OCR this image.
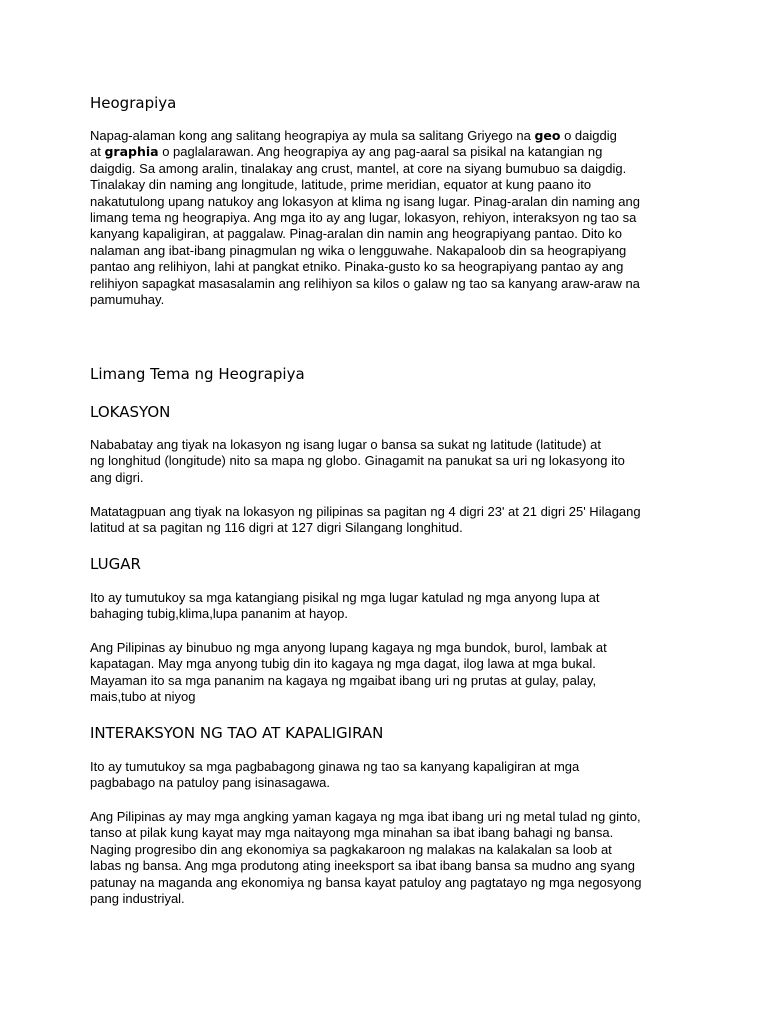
Heograpiya
Napag-alaman kong ang salitang heograpiya ay mula sa salitang Griyego na geo o daigdig
at graphia o paglalarawan. Ang heograpiya ay ang pag-aaral sa pisikal na katangian ng
daigdig. Sa among aralin, tinalakay ang crust, mantel, at core na siyang bumubuo sa daigdig.
Tinalakay din naming ang longitude, latitude, prime meridian, equator at kung paano ito
nakatutulong upang natukoy ang lokasyon at klima ng isang lugar. Pinag-aralan din naming ang
limang tema ng heograpiya. Ang mga ito ay ang lugar, lokasyon, rehiyon, interaksyon ng tao sa
kanyang kapaligiran, at paggalaw. Pinag-aralan din namin ang heograpiyang pantao. Dito ko
nalaman ang ibat-ibang pinagmulan ng wika o lengguwahe. Nakapaloob din sa heograpiyang
pantao ang relihiyon, lahi at pangkat etniko. Pinaka-gusto ko sa heograpiyang pantao ay ang
relihiyon sapagkat masasalamin ang relihiyon sa kilos o galaw ng tao sa kanyang araw-araw na
pamumuhay.
Limang Tema ng Heograpiya
LOKASYON
Nababatay ang tiyak na lokasyon ng isang lugar o bansa sa sukat ng latitude (latitude) at
ng longhitud (longitude) nito sa mapa ng globo. Ginagamit na panukat sa uri ng lokasyong ito
ang digri.
Matatagpuan ang tiyak na lokasyon ng pilipinas sa pagitan ng 4 digri 23' at 21 digri 25' Hilagang
latitud at sa pagitan ng 116 digri at 127 digri Silangang longhitud.
LUGAR
Ito ay tumutukoy sa mga katangiang pisikal ng mga lugar katulad ng mga anyong lupa at
bahaging tubig,klima,lupa pananim at hayop.
Ang Pilipinas ay binubuo ng mga anyong lupang kagaya ng mga bundok, burol, lambak at
kapatagan. May mga anyong tubig din ito kagaya ng mga dagat, ilog lawa at mga bukal.
Mayaman ito sa mga pananim na kagaya ng mgaibat ibang uri ng prutas at gulay, palay,
mais,tubo at niyog
INTERAKSYON NG TAO AT KAPALIGIRAN
Ito ay tumutukoy sa mga pagbabagong ginawa ng tao sa kanyang kapaligiran at mga
pagbabago na patuloy pang isinasagawa.
Ang Pilipinas ay may mga angking yaman kagaya ng mga ibat ibang uri ng metal tulad ng ginto,
tanso at pilak kung kayat may mga naitayong mga minahan sa ibat ibang bahagi ng bansa.
Naging progresibo din ang ekonomiya sa pagkakaroon ng malakas na kalakalan sa loob at
labas ng bansa. Ang mga produtong ating ineeksport sa ibat ibang bansa sa mudno ang syang
patunay na maganda ang ekonomiya ng bansa kayat patuloy ang pagtatayo ng mga negosyong
pang industriyal.
